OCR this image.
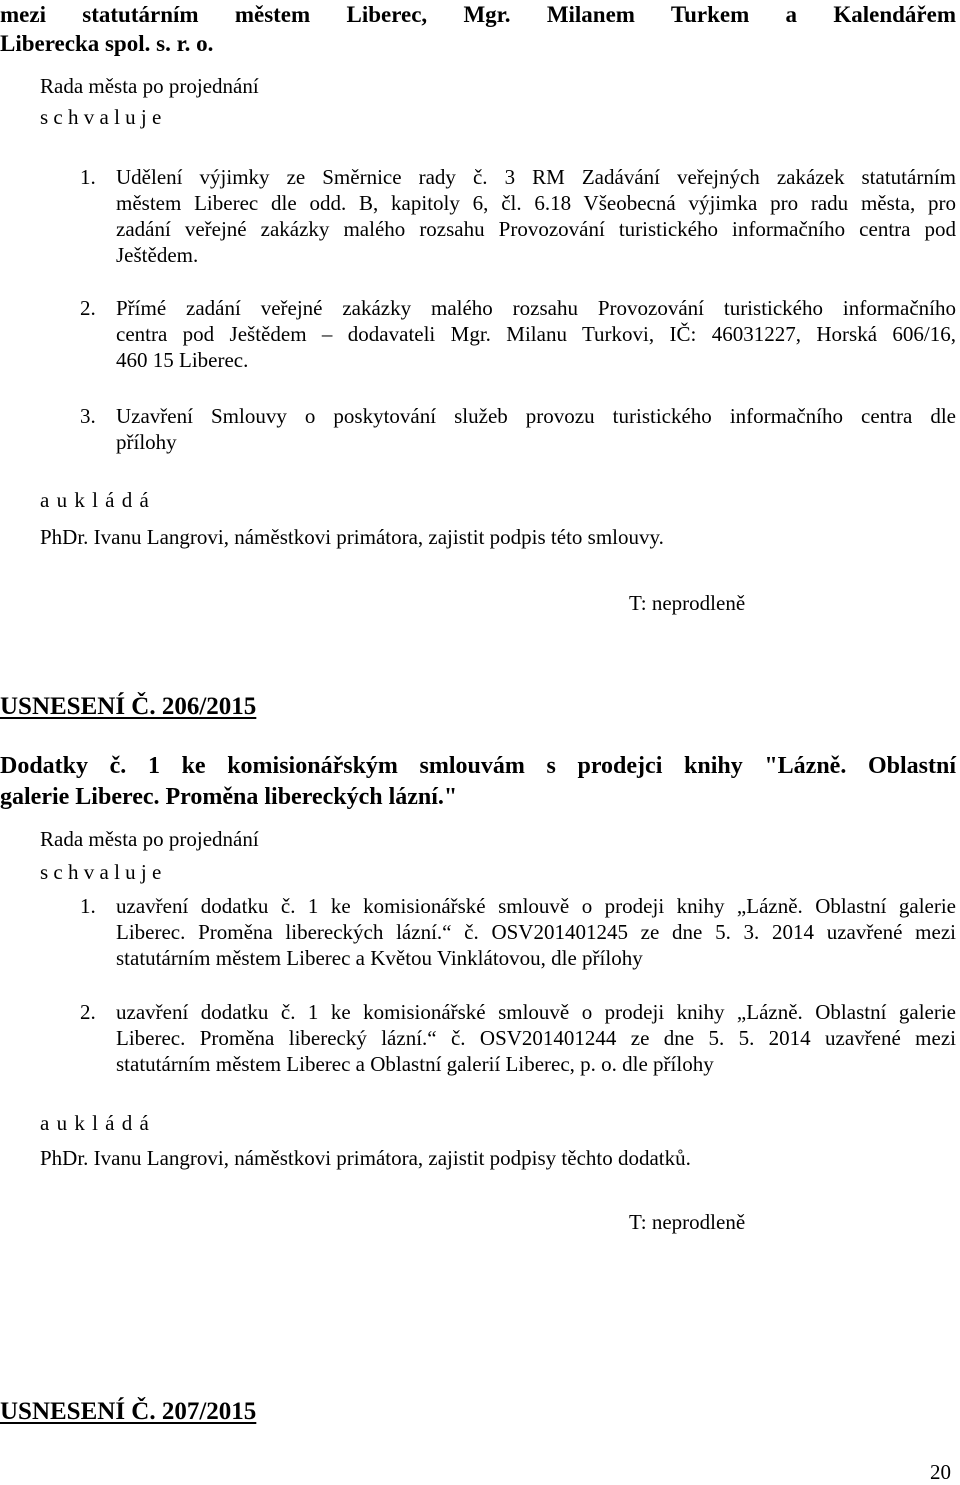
mezi statutárním městem Liberec, Mgr. Milanem Turkem a Kalendářem
Liberecka spol. s. r. o.
Rada města po projednání
s c h v a l u j e
1. Udělení výjimky ze Směrnice rady č. 3 RM Zadávání veřejných zakázek statutárním
městem Liberec dle odd. B, kapitoly 6, čl. 6.18 Všeobecná výjimka pro radu města, pro
zadání veřejné zakázky malého rozsahu Provozování turistického informačního centra pod
Ještědem.
2. Přímé zadání veřejné zakázky malého rozsahu Provozování turistického informačního
centra pod Ještědem – dodavateli Mgr. Milanu Turkovi, IČ: 46031227, Horská 606/16,
460 15 Liberec.
3. Uzavření Smlouvy o poskytování služeb provozu turistického informačního centra dle
přílohy
a u k l á d á
PhDr. Ivanu Langrovi, náměstkovi primátora, zajistit podpis této smlouvy.
T: neprodleně
USNESENÍ Č. 206/2015
Dodatky č. 1 ke komisionářským smlouvám s prodejci knihy "Lázně. Oblastní
galerie Liberec. Proměna libereckých lázní."
Rada města po projednání
s c h v a l u j e
1. uzavření dodatku č. 1 ke komisionářské smlouvě o prodeji knihy „Lázně. Oblastní galerie
Liberec. Proměna libereckých lázní.“ č. OSV201401245 ze dne 5. 3. 2014 uzavřené mezi
statutárním městem Liberec a Květou Vinklátovou, dle přílohy
2. uzavření dodatku č. 1 ke komisionářské smlouvě o prodeji knihy „Lázně. Oblastní galerie
Liberec. Proměna liberecký lázní.“ č. OSV201401244 ze dne 5. 5. 2014 uzavřené mezi
statutárním městem Liberec a Oblastní galerií Liberec, p. o. dle přílohy
a u k l á d á
PhDr. Ivanu Langrovi, náměstkovi primátora, zajistit podpisy těchto dodatků.
T: neprodleně
USNESENÍ Č. 207/2015
20
